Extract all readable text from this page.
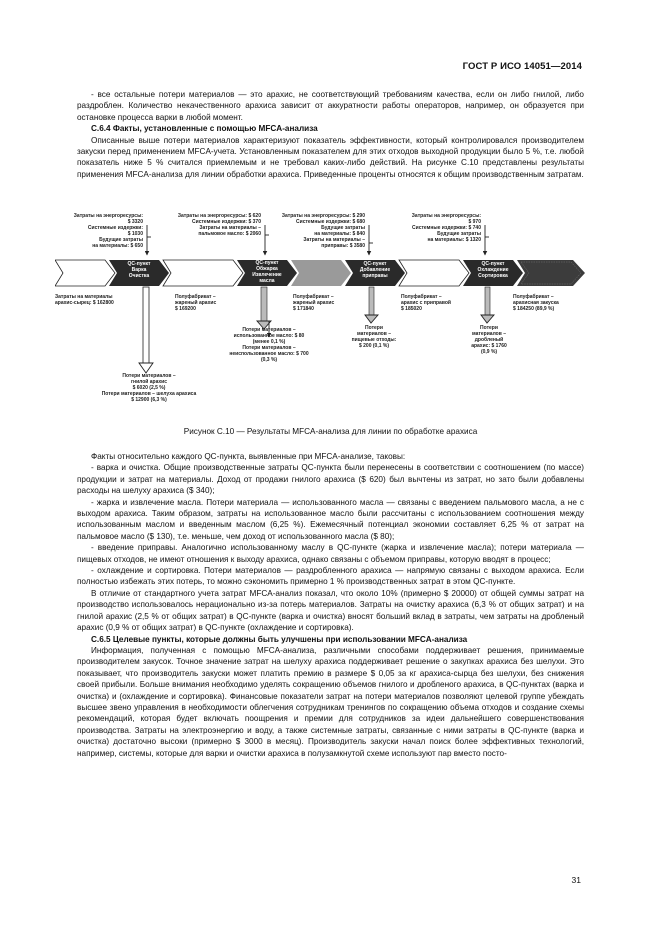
ГОСТ Р ИСО 14051—2014

- все остальные потери материалов — это арахис, не соответствующий требованиям качества, если он либо гнилой, либо раздроблен. Количество некачественного арахиса зависит от аккуратности работы операторов, например, он образуется при остановке процесса варки в любой момент.

С.6.4 Факты, установленные с помощью MFCA-анализа

Описанные выше потери материалов характеризуют показатель эффективности, который контролировался производителем закуски перед применением MFCA-учета. Установленным показателем для этих отходов выходной продукции было 5 %, т.е. любой показатель ниже 5 % считался приемлемым и не требовал каких-либо действий. На рисунке С.10 представлены результаты применения MFCA-анализа для линии обработки арахиса. Приведенные проценты относятся к общим производственным затратам.

Затраты на энергоресурсы:
$ 3320
Системные издержки:
$ 1030
Будущие затраты
на материалы: $ 650
Затраты на энергоресурсы: $ 620
Системные издержки: $ 370
Затраты на материалы –
пальмовое масло: $ 2060
Затраты на энергоресурсы: $ 290
Системные издержки: $ 680
Будущие затраты
на материалы: $ 840
Затраты на материалы –
приправы: $ 3580
Затраты на энергоресурсы:
$ 970
Системные издержки: $ 740
Будущие затраты
на материалы: $ 1320
QC-пункт
Варка
Очистка
QC-пункт
Обжарка
Извлечение
масла
QC-пункт
Добавление
приправы
QC-пункт
Охлаждение
Сортировка
Затраты на материалы
арахис-сырец: $ 162800
Полуфабрикат –
жареный арахис
$ 169200
Полуфабрикат –
жареный арахис
$ 171840
Полуфабрикат –
арахис с приправой
$ 185020
Полуфабрикат –
арахисная закуска
$ 184250 (89,9 %)
Потери материалов –
гнилой арахис
$ 6020 (2,5 %)
Потери материалов – шелуха арахиса
$ 12900 (6,3 %)
Потери материалов –
использованное масло: $ 80
(менее 0,1 %)
Потери материалов –
неиспользованное масло: $ 700
(0,3 %)
Потери
материалов –
пищевые отходы:
$ 200 (0,1 %)
Потери
материалов –
дробленый
арахис: $ 1760
(0,9 %)
Рисунок С.10 — Результаты MFCA-анализа для линии по обработке арахиса

Факты относительно каждого QC-пункта, выявленные при MFCA-анализе, таковы:

- варка и очистка. Общие производственные затраты QC-пункта были перенесены в соответствии с соотношением (по массе) продукции и затрат на материалы. Доход от продажи гнилого арахиса ($ 620) был вычтены из затрат, но зато были добавлены расходы на шелуху арахиса ($ 340);

- жарка и извлечение масла. Потери материала — использованного масла — связаны с введением пальмового масла, а не с выходом арахиса. Таким образом, затраты на использованное масло были рассчитаны с использованием соотношения между использованным маслом и введенным маслом (6,25 %). Ежемесячный потенциал экономии составляет 6,25 % от затрат на пальмовое масло ($ 130), т.е. меньше, чем доход от использованного масла ($ 80);

- введение приправы. Аналогично использованному маслу в QC-пункте (жарка и извлечение масла); потери материала — пищевых отходов, не имеют отношения к выходу арахиса, однако связаны с объемом приправы, которую вводят в процесс;

- охлаждение и сортировка. Потери материалов — раздробленного арахиса — напрямую связаны с выходом арахиса. Если полностью избежать этих потерь, то можно сэкономить примерно 1 % производственных затрат в этом QC-пункте.

В отличие от стандартного учета затрат MFCA-анализ показал, что около 10% (примерно $ 20000) от общей суммы затрат на производство использовалось нерационально из-за потерь материалов. Затраты на очистку арахиса (6,3 % от общих затрат) и на гнилой арахис (2,5 % от общих затрат) в QC-пункте (варка и очистка) вносят больший вклад в затраты, чем затраты на дробленый арахис (0,9 % от общих затрат) в QC-пункте (охлаждение и сортировка).

С.6.5 Целевые пункты, которые должны быть улучшены при использовании MFCA-анализа

Информация, полученная с помощью MFCA-анализа, различными способами поддерживает решения, принимаемые производителем закусок. Точное значение затрат на шелуху арахиса поддерживает решение о закупках арахиса без шелухи. Это показывает, что производитель закуски может платить премию в размере $ 0,05 за кг арахиса-сырца без шелухи, без снижения своей прибыли. Больше внимания необходимо уделять сокращению объемов гнилого и дробленого арахиса, в QC-пунктах (варка и очистка) и (охлаждение и сортировка). Финансовые показатели затрат на потери материалов позволяют целевой группе убеждать высшее звено управления в необходимости облегчения сотрудникам тренингов по сокращению объема отходов и создание схемы рекомендаций, которая будет включать поощрения и премии для сотрудников за идеи дальнейшего совершенствования производства. Затраты на электроэнергию и воду, а также системные затраты, связанные с ними затраты в QC-пункте (варка и очистка) достаточно высоки (примерно $ 3000 в месяц). Производитель закуски начал поиск более эффективных технологий, например, системы, которые для варки и очистки арахиса в полузамкнутой схеме используют пар вместо посто-

31
